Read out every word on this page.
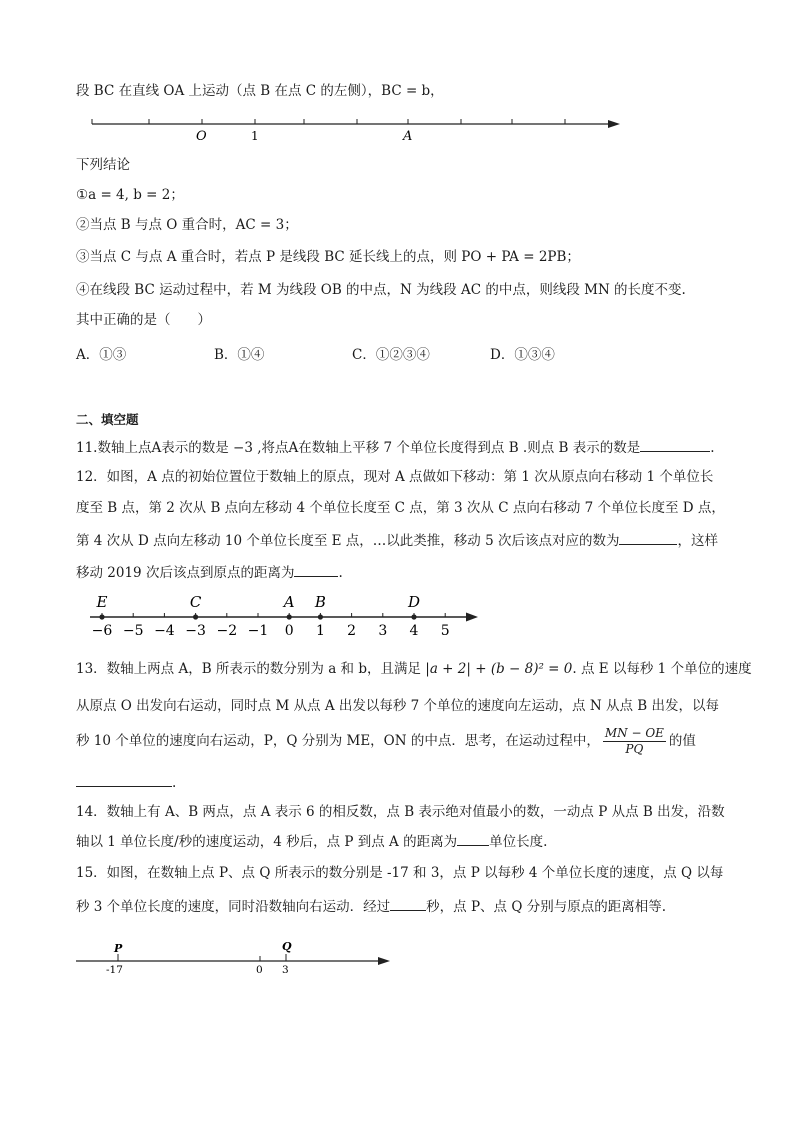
段 BC 在直线 OA 上运动（点 B 在点 C 的左侧），BC = b，
O	1	A
下列结论
①a = 4, b = 2；
②当点 B 与点 O 重合时，AC = 3；
③当点 C 与点 A 重合时，若点 P 是线段 BC 延长线上的点，则 PO + PA = 2PB；
④在线段 BC 运动过程中，若 M 为线段 OB 的中点，N 为线段 AC 的中点，则线段 MN 的长度不变.
其中正确的是（　　）
A．①③	B．①④	C．①②③④	D．①③④
二、填空题
11.数轴上点A表示的数是 −3 ,将点A在数轴上平移 7 个单位长度得到点 B .则点 B 表示的数是	.
12．如图，A 点的初始位置位于数轴上的原点，现对 A 点做如下移动：第 1 次从原点向右移动 1 个单位长
度至 B 点，第 2 次从 B 点向左移动 4 个单位长度至 C 点，第 3 次从 C 点向右移动 7 个单位长度至 D 点，
第 4 次从 D 点向左移动 10 个单位长度至 E 点，…以此类推，移动 5 次后该点对应的数为	，这样
移动 2019 次后该点到原点的距离为	.
−6 −5 −4 −3 −2 −1 0 1 2 3 4 5
E	C	A B	D
13．数轴上两点 A，B 所表示的数分别为 a 和 b，且满足 |a + 2| + (b − 8)² = 0. 点 E 以每秒 1 个单位的速度
从原点 O 出发向右运动，同时点 M 从点 A 出发以每秒 7 个单位的速度向左运动，点 N 从点 B 出发，以每
秒 10 个单位的速度向右运动，P，Q 分别为 ME，ON 的中点．思考，在运动过程中， $\frac{MN - OE}{PQ}$ 的值
.
14．数轴上有 A、B 两点，点 A 表示 6 的相反数，点 B 表示绝对值最小的数，一动点 P 从点 B 出发，沿数
轴以 1 单位长度/秒的速度运动，4 秒后，点 P 到点 A 的距离为 单位长度.
15．如图，在数轴上点 P、点 Q 所表示的数分别是 -17 和 3，点 P 以每秒 4 个单位长度的速度，点 Q 以每
秒 3 个单位长度的速度，同时沿数轴向右运动．经过	秒，点 P、点 Q 分别与原点的距离相等.
P	Q
-17	0 3
